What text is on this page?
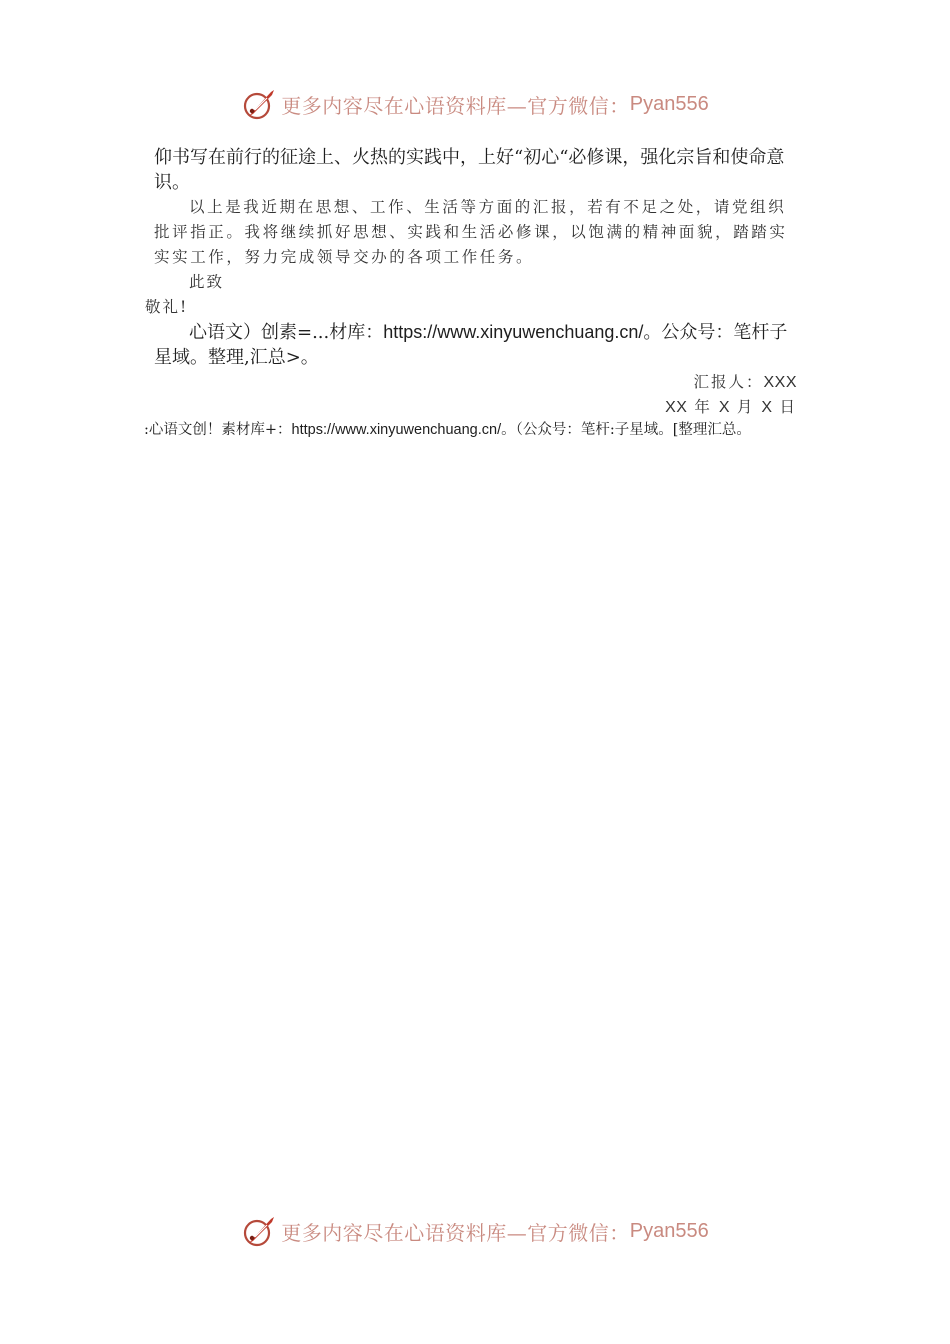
更多内容尽在心语资料库—官方微信： Pyan556

仰书写在前行的征途上、火热的实践中，上好“初心“必修课，强化宗旨和使命意识。

以上是我近期在思想、工作、生活等方面的汇报，若有不足之处，请党组织批评指正。我将继续抓好思想、实践和生活必修课，以饱满的精神面貌，踏踏实实实工作，努力完成领导交办的各项工作任务。

此致

敬礼!

心语文）创素=...材库：https://www.xinyuwenchuang.cn/。公众号：笔杆子星域。整理,汇总>。

汇报人：XXX

XX 年 X 月 X 日

:心语文创！素材库+：https://www.xinyuwenchuang.cn/。（公众号：笔杆:子星域。[整理汇总。

更多内容尽在心语资料库—官方微信： Pyan556
